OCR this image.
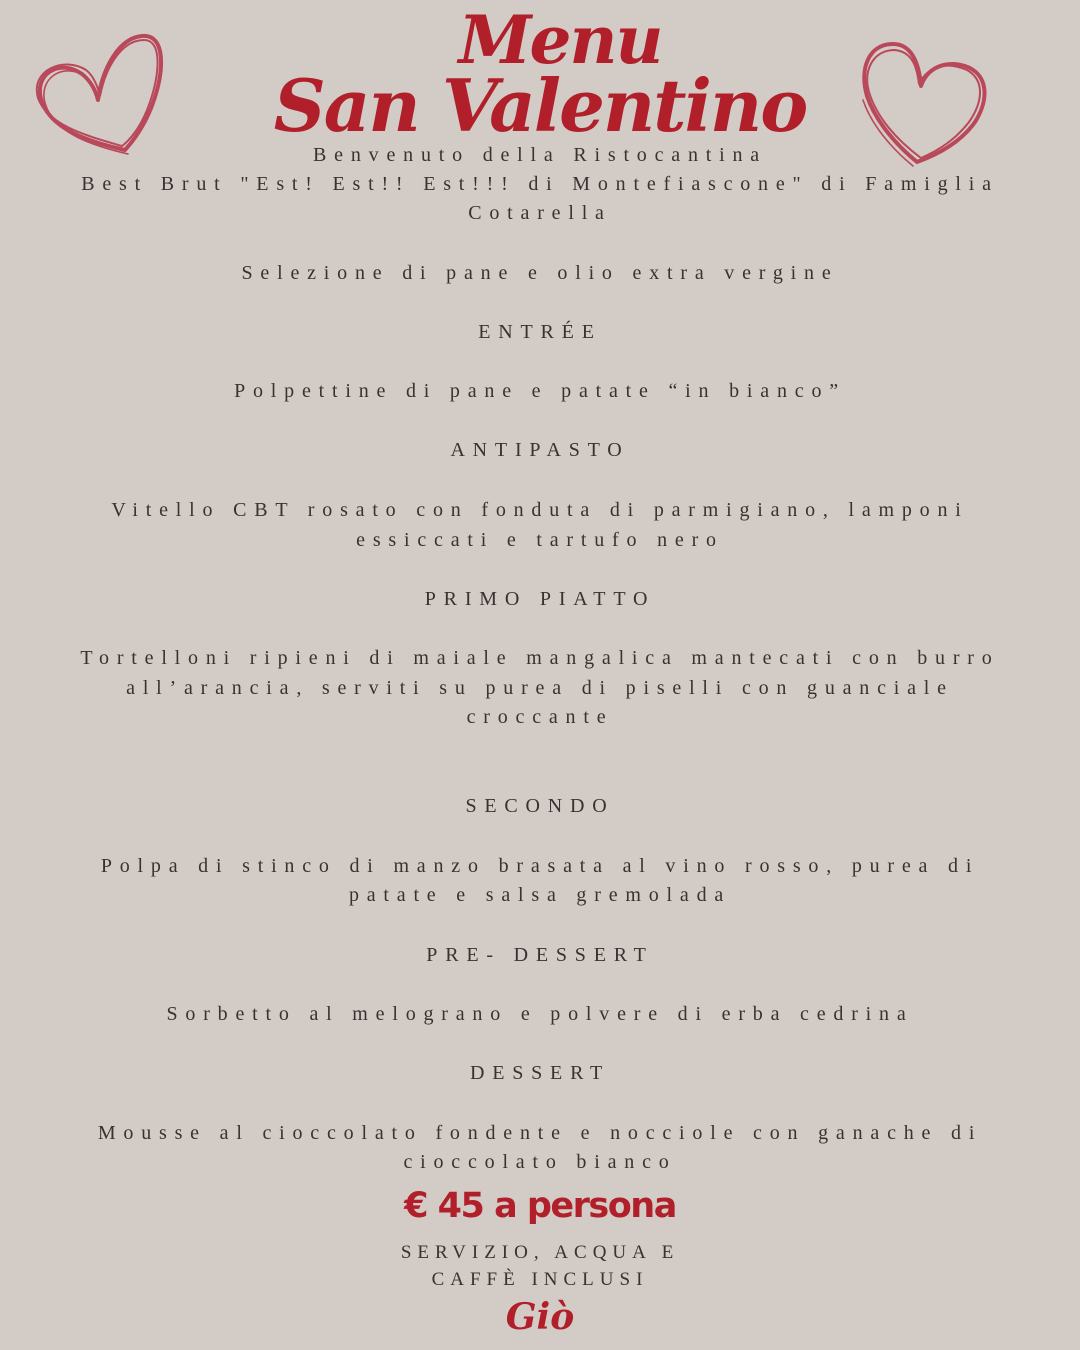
Menu
San Valentino

Benvenuto della Ristocantina

Best Brut "Est! Est!! Est!!! di Montefiascone" di Famiglia

Cotarella

Selezione di pane e olio extra vergine

ENTRÉE

Polpettine di pane e patate “in bianco”

ANTIPASTO

Vitello CBT rosato con fonduta di parmigiano, lamponi

essiccati e tartufo nero

PRIMO PIATTO

Tortelloni ripieni di maiale mangalica mantecati con burro

all’arancia, serviti su purea di piselli con guanciale

croccante

SECONDO

Polpa di stinco di manzo brasata al vino rosso, purea di

patate e salsa gremolada

PRE- DESSERT

Sorbetto al melograno e polvere di erba cedrina

DESSERT

Mousse al cioccolato fondente e nocciole con ganache di

cioccolato bianco

€ 45 a persona

SERVIZIO, ACQUA E

CAFFÈ INCLUSI

Giò
